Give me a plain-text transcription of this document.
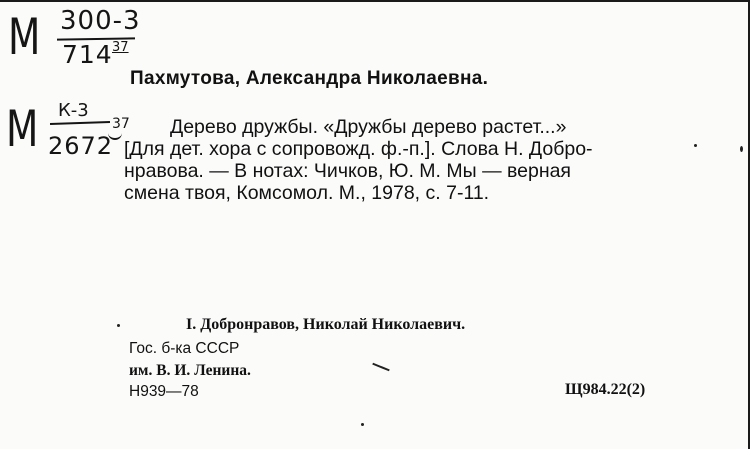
М 300-3
714 37
М К-3
2672
37
Пахмутова, Александра Николаевна.
Дерево дружбы. «Дружбы дерево растет...»
[Для дет. хора с сопровожд. ф.-п.]. Слова Н. Добро-
нравова. — В нотах: Чичков, Ю. М. Мы — верная
смена твоя, Комсомол. М., 1978, с. 7-11.
I. Добронравов, Николай Николаевич.
Гос. б-ка СССР
им. В. И. Ленина.
Н939—78	Щ984.22(2)
